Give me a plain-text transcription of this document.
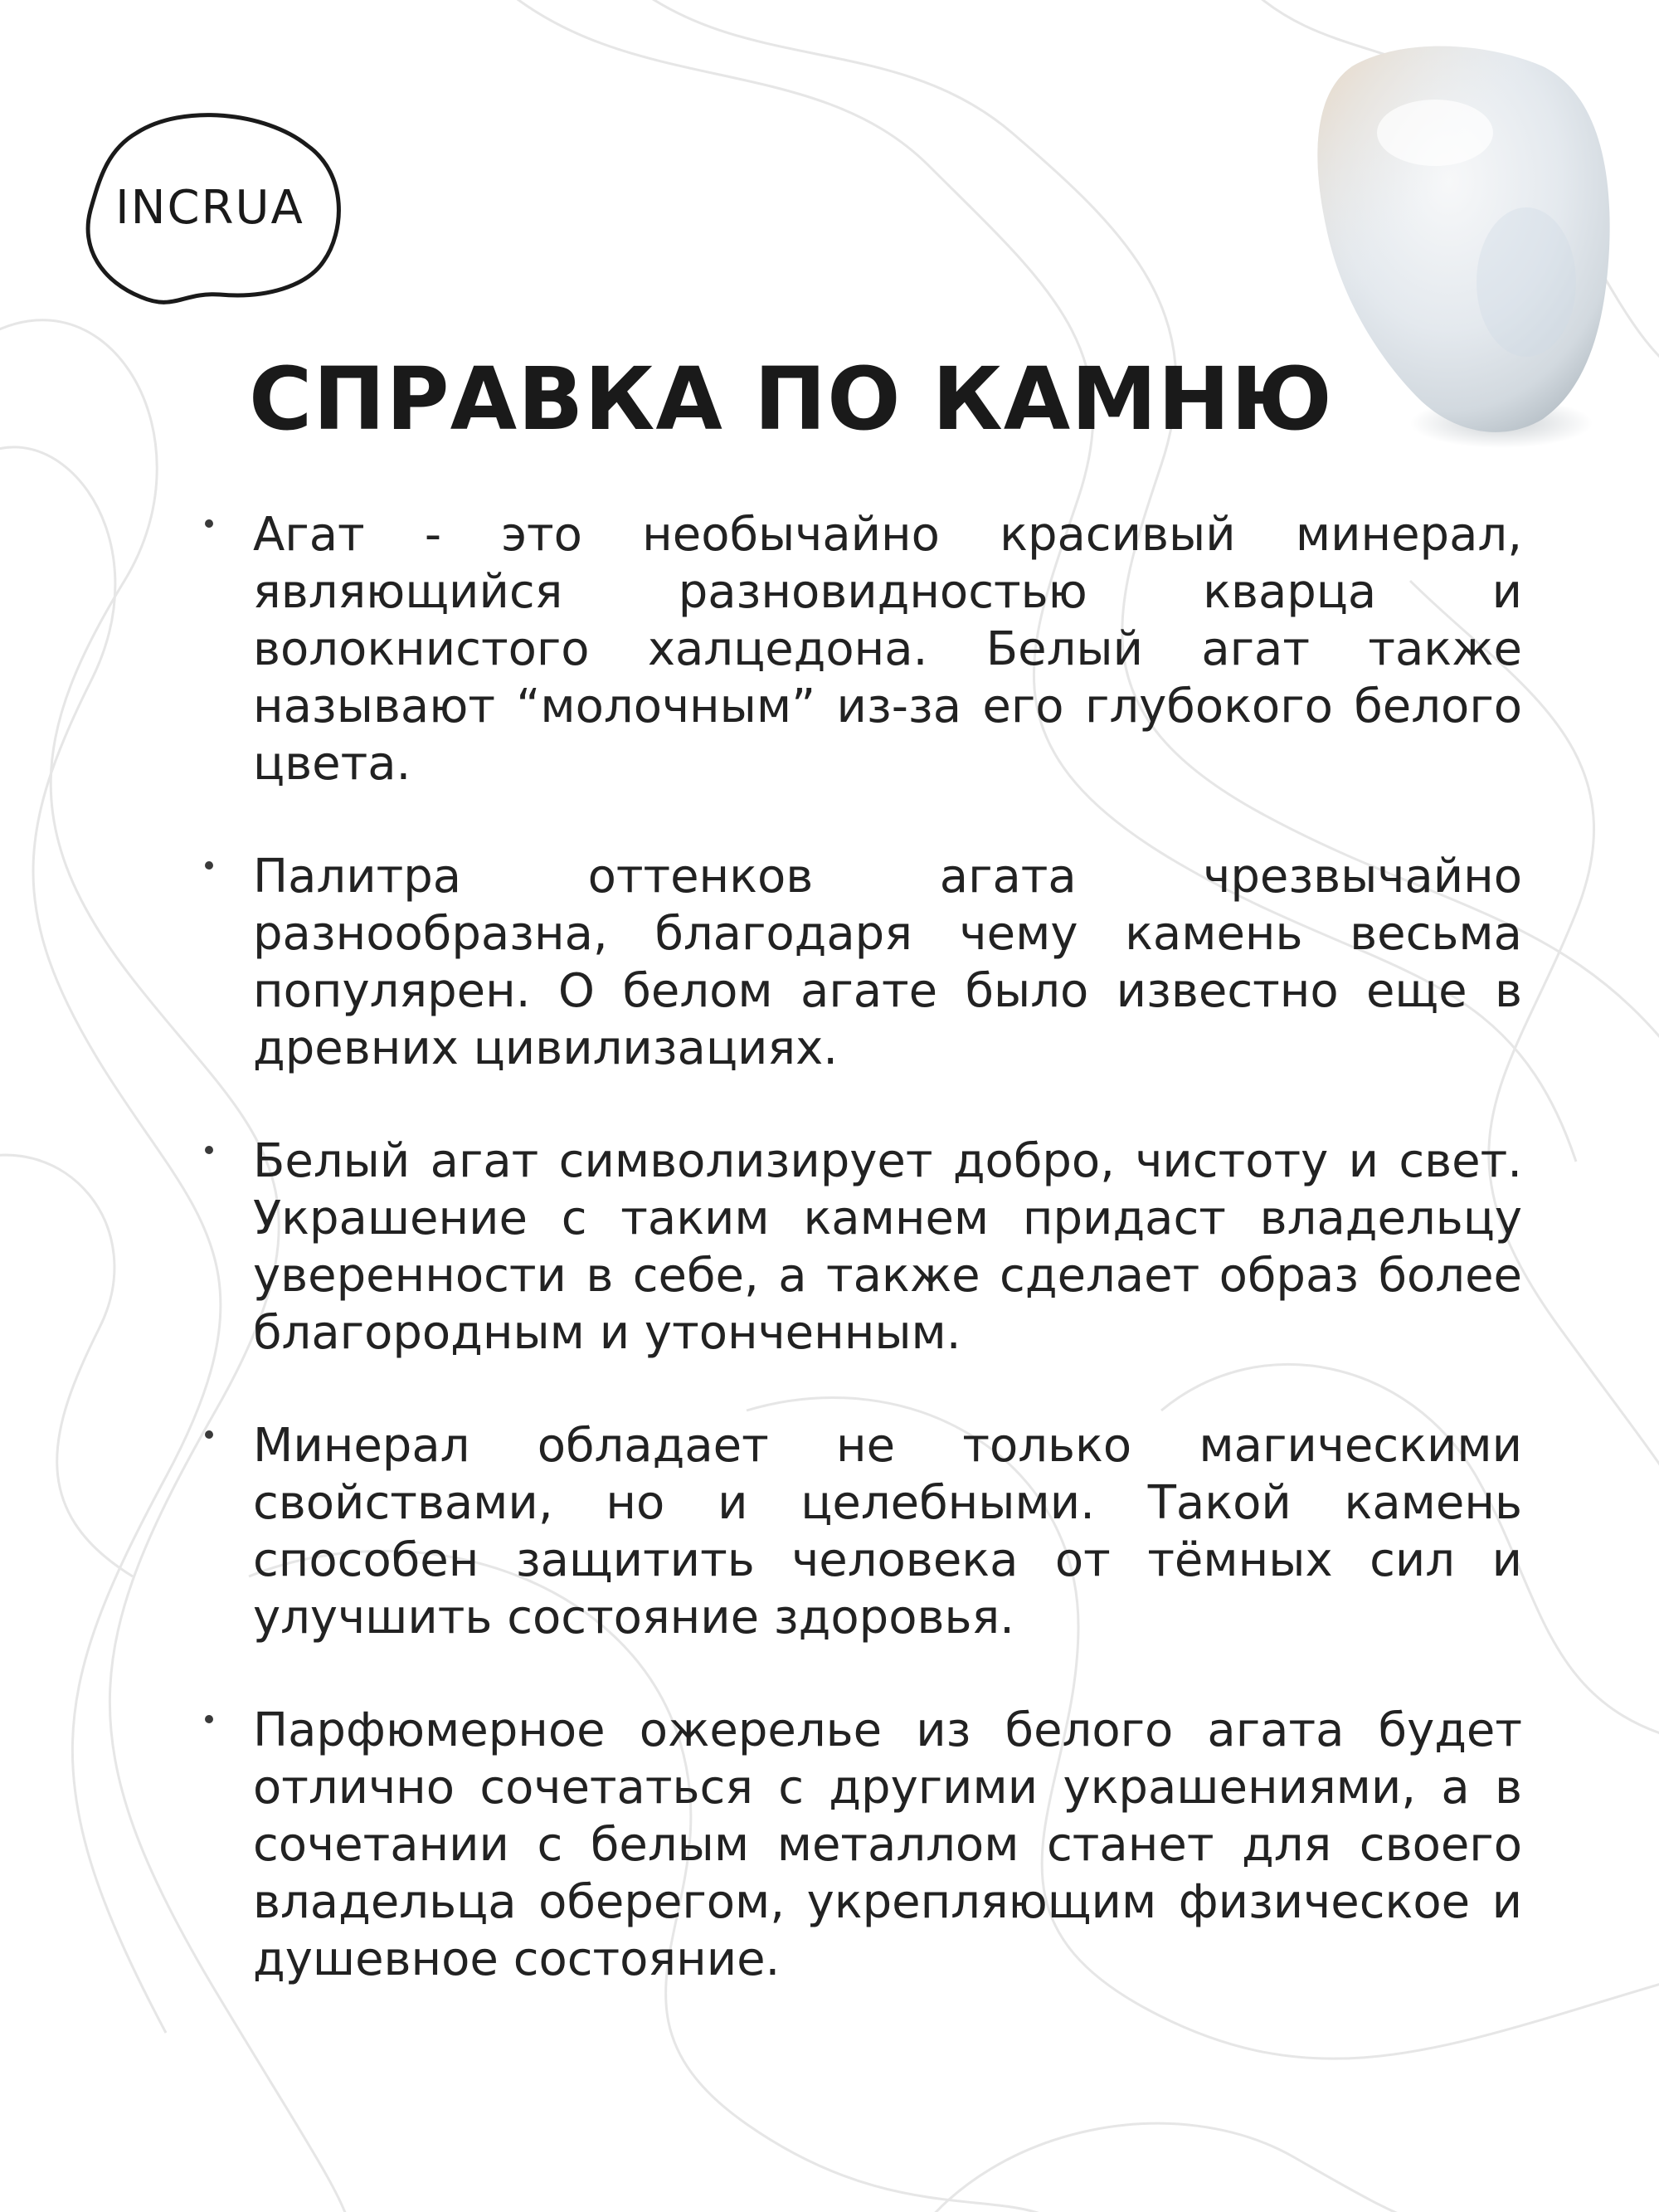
INCRUA
СПРАВКА ПО КАМНЮ
Агат - это необычайно красивый минерал, являющийся разновидностью кварца и волокнистого халцедона. Белый агат также называют “молочным” из-за его глубокого белого цвета.
Палитра оттенков агата чрезвычайно разнообразна, благодаря чему камень весьма популярен. О белом агате было известно еще в древних цивилизациях.
Белый агат символизирует добро, чистоту и свет. Украшение с таким камнем придаст владельцу уверенности в себе, а также сделает образ более благородным и утонченным.
Минерал обладает не только магическими свойствами, но и целебными. Такой камень способен защитить человека от тёмных сил и улучшить состояние здоровья.
Парфюмерное ожерелье из белого агата будет отлично сочетаться с другими украшениями, а в сочетании с белым металлом станет для своего владельца оберегом, укрепляющим физическое и душевное состояние.
